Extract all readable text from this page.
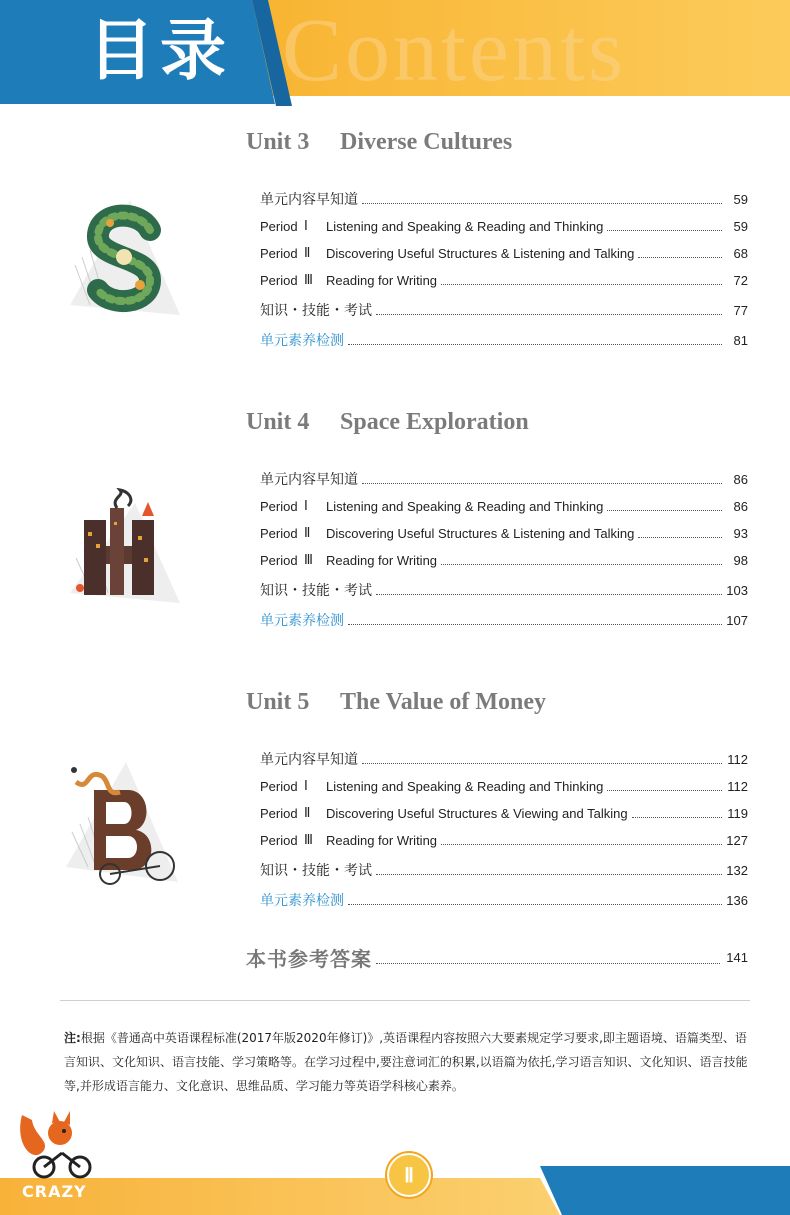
Contents
目录
Unit 3 Diverse Cultures
单元内容早知道	59
Period Ⅰ Listening and Speaking & Reading and Thinking	59
Period Ⅱ Discovering Useful Structures & Listening and Talking	68
Period Ⅲ Reading for Writing	72
知识・技能・考试	77
单元素养检测	81
Unit 4 Space Exploration
单元内容早知道	86
Period Ⅰ Listening and Speaking & Reading and Thinking	86
Period Ⅱ Discovering Useful Structures & Listening and Talking	93
Period Ⅲ Reading for Writing	98
知识・技能・考试	103
单元素养检测	107
Unit 5 The Value of Money
单元内容早知道	112
Period Ⅰ Listening and Speaking & Reading and Thinking	112
Period Ⅱ Discovering Useful Structures & Viewing and Talking	119
Period Ⅲ Reading for Writing	127
知识・技能・考试	132
单元素养检测	136
本书参考答案	141
注:根据《普通高中英语课程标准(2017年版2020年修订)》,英语课程内容按照六大要素规定学习要求,即主题语境、语篇类型、语言知识、文化知识、语言技能、学习策略等。在学习过程中,要注意词汇的积累,以语篇为依托,学习语言知识、文化知识、语言技能等,并形成语言能力、文化意识、思维品质、学习能力等英语学科核心素养。
CRAZY
Ⅱ
